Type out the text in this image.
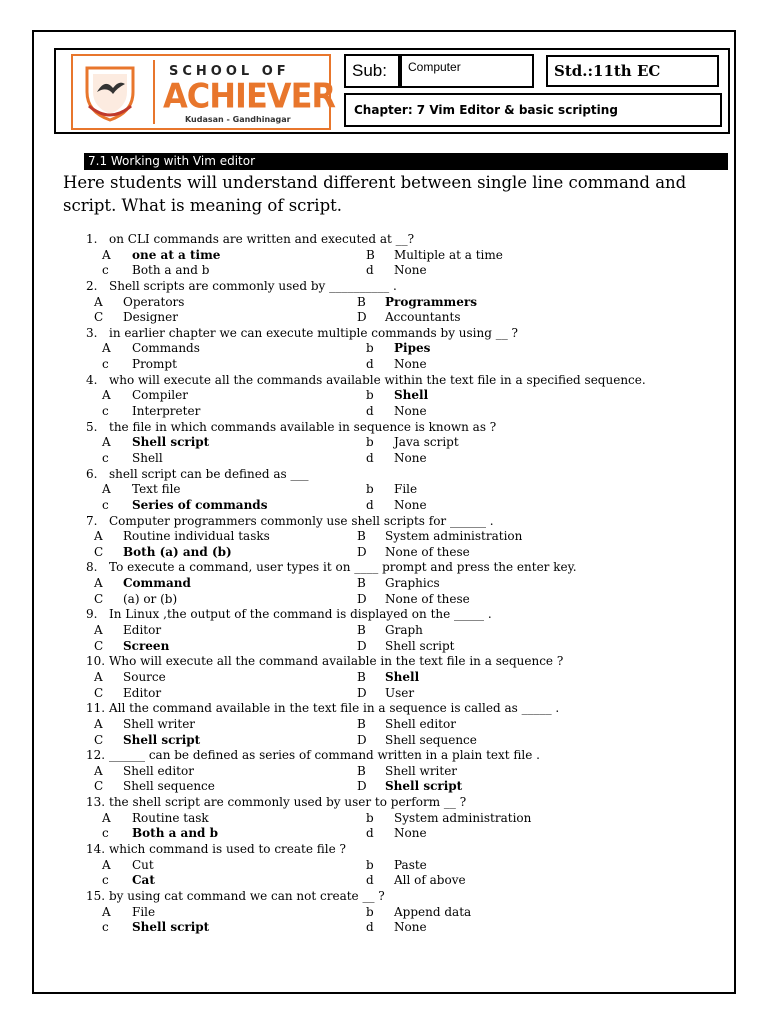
SCHOOL OF
ACHIEVER
Kudasan - Gandhinagar
Sub:	Computer	Std.:11th EC
Chapter: 7 Vim Editor & basic scripting
7.1 Working with Vim editor
Here students will understand different between single line command and script. What is meaning of script.
1. on CLI commands are written and executed at __?
A one at a time	B Multiple at a time
c Both a and b	d None
2. Shell scripts are commonly used by __________ .
A Operators	B Programmers
C Designer	D Accountants
3. in earlier chapter we can execute multiple commands by using __ ?
A Commands	b Pipes
c Prompt	d None
4. who will execute all the commands available within the text file in a specified sequence.
A Compiler	b Shell
c Interpreter	d None
5. the file in which commands available in sequence is known as ?
A Shell script	b Java script
c Shell	d None
6. shell script can be defined as ___
A Text file	b File
c Series of commands	d None
7. Computer programmers commonly use shell scripts for ______ .
A Routine individual tasks	B System administration
C Both (a) and (b)	D None of these
8. To execute a command, user types it on ____ prompt and press the enter key.
A Command	B Graphics
C (a) or (b)	D None of these
9. In Linux ,the output of the command is displayed on the _____ .
A Editor	B Graph
C Screen	D Shell script
10. Who will execute all the command available in the text file in a sequence ?
A Source	B Shell
C Editor	D User
11. All the command available in the text file in a sequence is called as _____ .
A Shell writer	B Shell editor
C Shell script	D Shell sequence
12. ______ can be defined as series of command written in a plain text file .
A Shell editor	B Shell writer
C Shell sequence	D Shell script
13. the shell script are commonly used by user to perform __ ?
A Routine task	b System administration
c Both a and b	d None
14. which command is used to create file ?
A Cut	b Paste
c Cat	d All of above
15. by using cat command we can not create __ ?
A File	b Append data
c Shell script	d None
